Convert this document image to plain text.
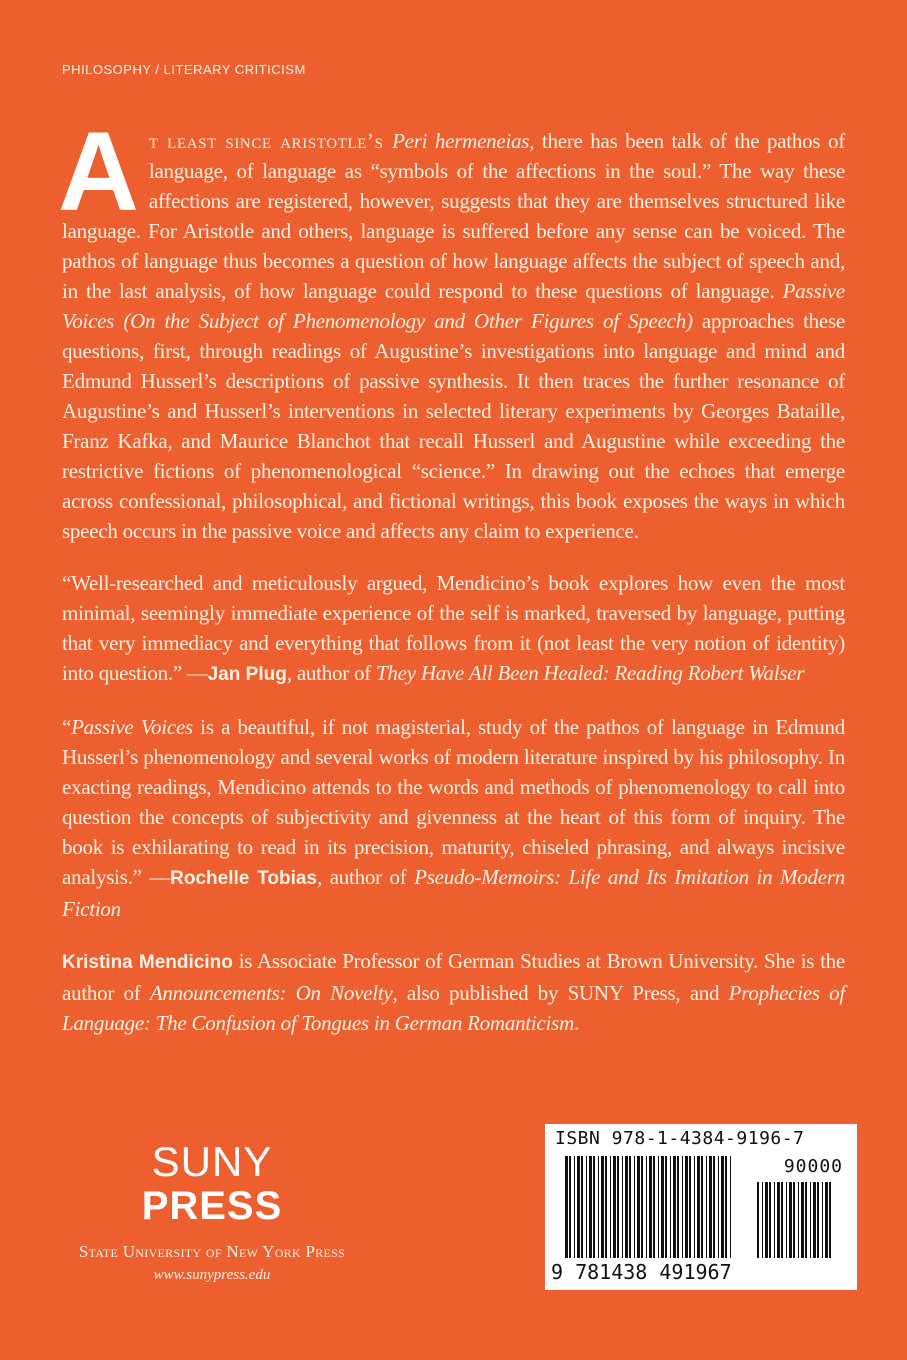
PHILOSOPHY / LITERARY CRITICISM

At least since aristotle’s Peri hermeneias, there has been talk of the pathos of language, of language as “symbols of the affections in the soul.” The way these affections are registered, however, suggests that they are themselves structured like language. For Aristotle and others, language is suffered before any sense can be voiced. The pathos of language thus becomes a question of how language affects the subject of speech and, in the last analysis, of how language could respond to these questions of language. Passive Voices (On the Subject of Phenomenology and Other Figures of Speech) approaches these questions, first, through readings of Augustine’s investigations into language and mind and Edmund Husserl’s descriptions of passive synthesis. It then traces the further resonance of Augustine’s and Husserl’s interventions in selected literary experiments by Georges Bataille, Franz Kafka, and Maurice Blanchot that recall Husserl and Augustine while exceeding the restrictive fictions of phenomenological “science.” In drawing out the echoes that emerge across confessional, philosophical, and fictional writings, this book exposes the ways in which speech occurs in the passive voice and affects any claim to experience.

“Well-researched and meticulously argued, Mendicino’s book explores how even the most minimal, seemingly immediate experience of the self is marked, traversed by language, putting that very immediacy and everything that follows from it (not least the very notion of identity) into question.” —Jan Plug, author of They Have All Been Healed: Reading Robert Walser

“Passive Voices is a beautiful, if not magisterial, study of the pathos of language in Edmund Husserl’s phenomenology and several works of modern literature inspired by his philosophy. In exacting readings, Mendicino attends to the words and methods of phenomenology to call into question the concepts of subjectivity and givenness at the heart of this form of inquiry. The book is exhilarating to read in its precision, maturity, chiseled phrasing, and always incisive analysis.” —Rochelle Tobias, author of Pseudo-Memoirs: Life and Its Imitation in Modern Fiction

Kristina Mendicino is Associate Professor of German Studies at Brown University. She is the author of Announcements: On Novelty, also published by SUNY Press, and Prophecies of Language: The Confusion of Tongues in German Romanticism.

SUNY
PRESS
State University of New York Press
www.sunypress.edu
ISBN 978-1-4384-9196-7
90000
9 781438 491967
